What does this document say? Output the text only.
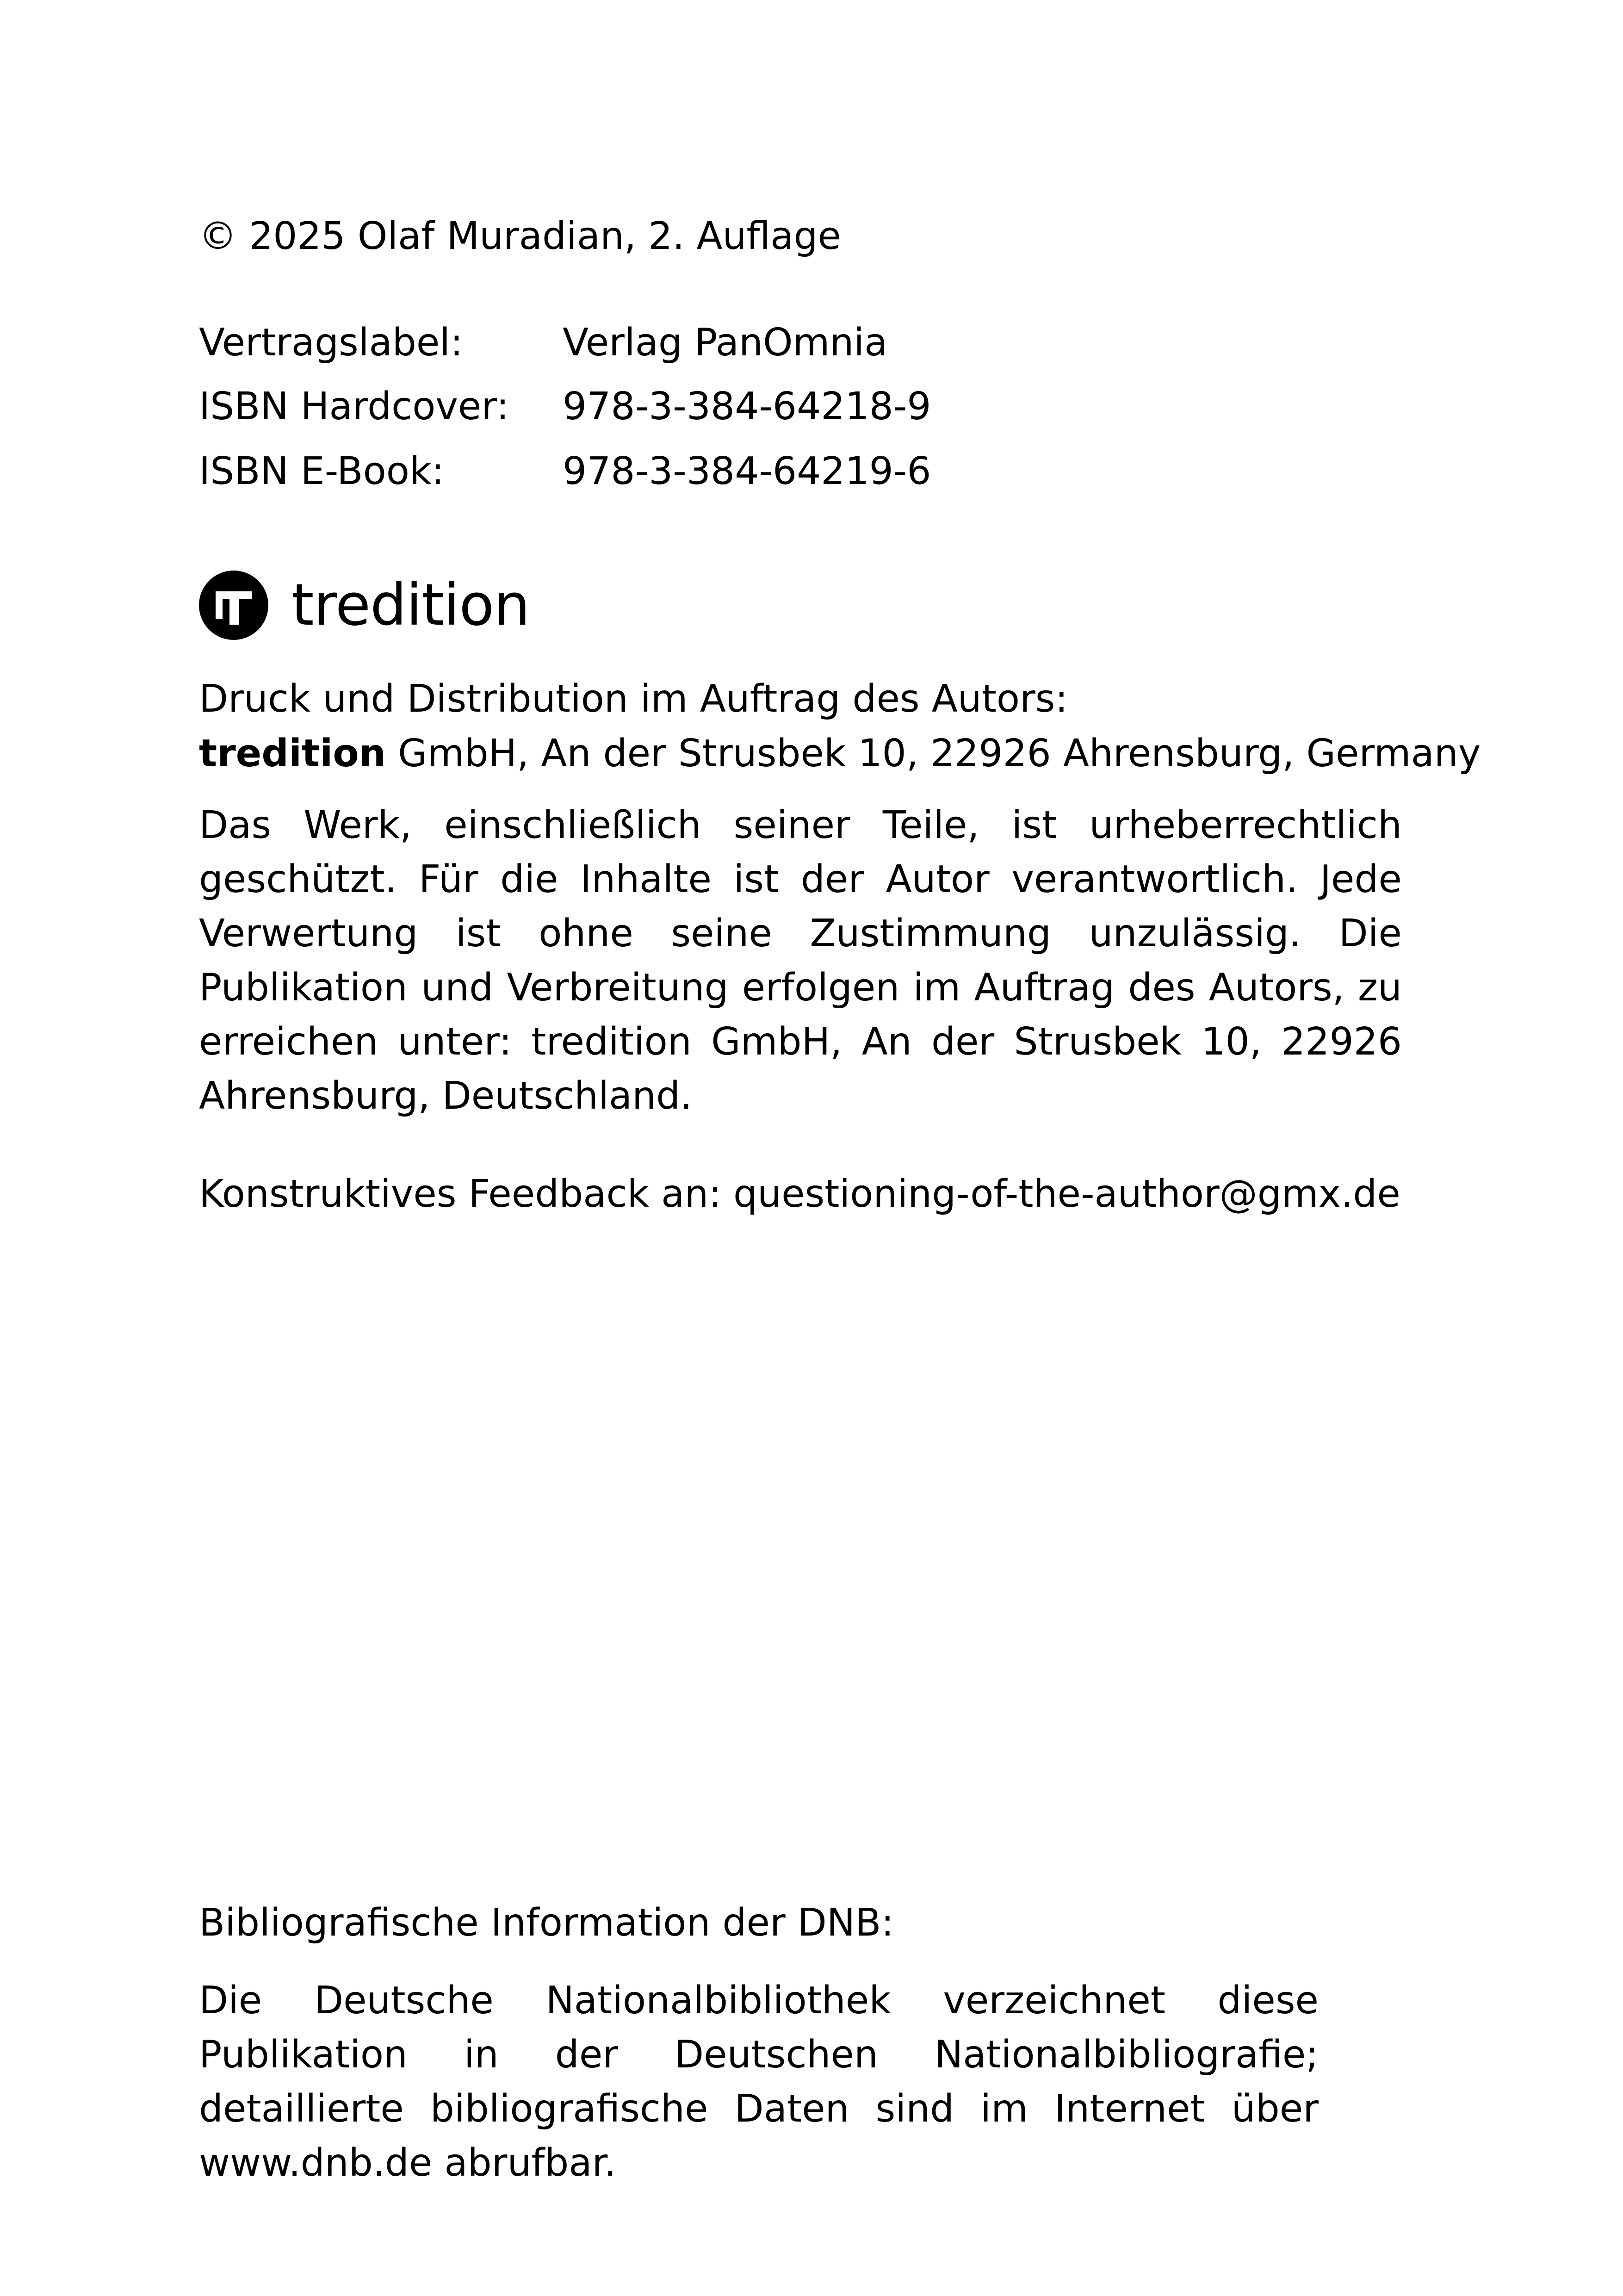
© 2025 Olaf Muradian, 2. Auflage
Vertragslabel:	Verlag PanOmnia
ISBN Hardcover: 978-3-384-64218-9
ISBN E-Book:	978-3-384-64219-6
tredition
Druck und Distribution im Auftrag des Autors:
tredition GmbH, An der Strusbek 10, 22926 Ahrensburg, Germany

Das Werk, einschließlich seiner Teile, ist urheberrechtlich geschützt. Für die Inhalte ist der Autor verantwortlich. Jede Verwertung ist ohne seine Zustimmung unzulässig. Die Publikation und Verbreitung erfolgen im Auftrag des Autors, zu erreichen unter: tredition GmbH, An der Strusbek 10, 22926 Ahrensburg, Deutschland.

Konstruktives Feedback an: questioning-of-the-author@gmx.de
Bibliografische Information der DNB:

Die Deutsche Nationalbibliothek verzeichnet diese Publikation in der Deutschen Nationalbibliografie; detaillierte bibliografische Daten sind im Internet über www.dnb.de abrufbar.
